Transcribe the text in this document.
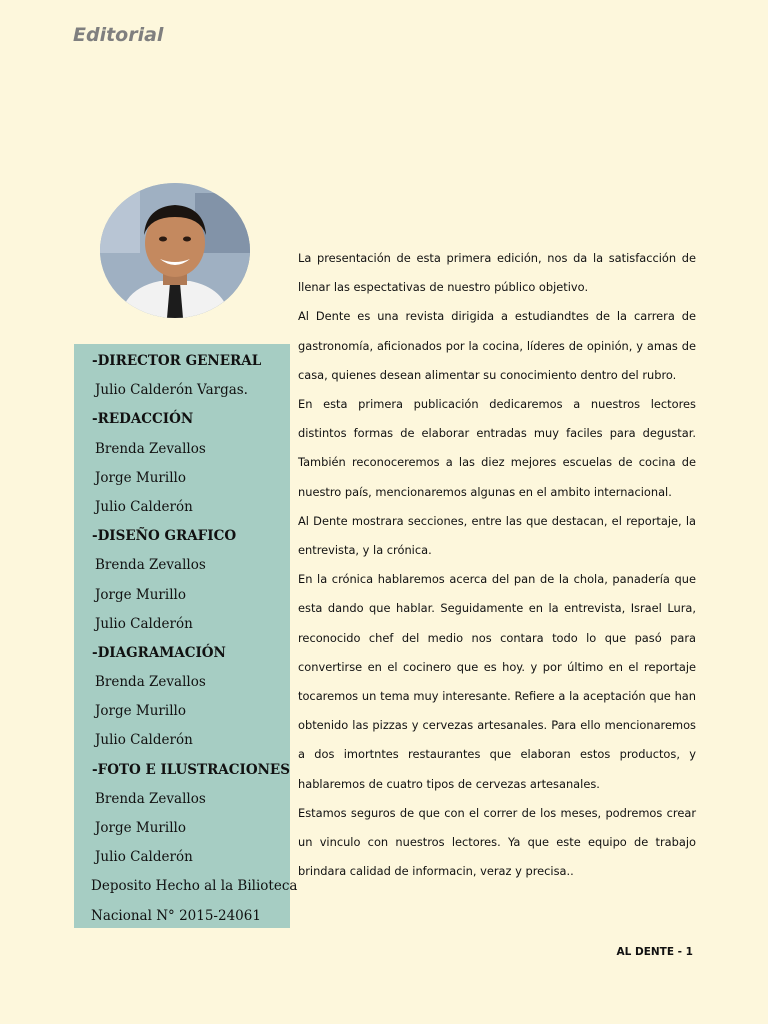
Editorial
-DIRECTOR GENERAL
Julio Calderón Vargas.
-REDACCIÓN
Brenda Zevallos
Jorge Murillo
Julio Calderón
-DISEÑO GRAFICO
Brenda Zevallos
Jorge Murillo
Julio Calderón
-DIAGRAMACIÓN
Brenda Zevallos
Jorge Murillo
Julio Calderón
-FOTO E ILUSTRACIONES
Brenda Zevallos
Jorge Murillo
Julio Calderón
Deposito Hecho al la Bilioteca
Nacional N° 2015-24061

La presentación de esta primera edición, nos da la satisfacción de llenar las espectativas de nuestro público objetivo.

Al Dente es una revista dirigida a estudiandtes de la carrera de gastronomía, aficionados por la cocina, líderes de opinión, y amas de casa, quienes desean alimentar su conocimiento dentro del rubro.

En esta primera publicación dedicaremos a nuestros lectores distintos formas de elaborar entradas muy faciles para degustar. También reconoceremos a las diez mejores escuelas de cocina de nuestro país, mencionaremos algunas en el ambito internacional.

Al Dente mostrara secciones, entre las que destacan, el reportaje, la entrevista, y la crónica.

En la crónica hablaremos acerca del pan de la chola, panadería que esta dando que hablar. Seguidamente en la entrevista, Israel Lura, reconocido chef del medio nos contara todo lo que pasó para convertirse en el cocinero que es hoy. y por último en el reportaje tocaremos un tema muy interesante. Refiere a la aceptación que han obtenido las pizzas y cervezas artesanales. Para ello mencionaremos a dos imortntes restaurantes que elaboran estos productos, y hablaremos de cuatro tipos de cervezas artesanales.

Estamos seguros de que con el correr de los meses, podremos crear un vinculo con nuestros lectores. Ya que este equipo de trabajo brindara calidad de informacin, veraz y precisa..

AL DENTE - 1
